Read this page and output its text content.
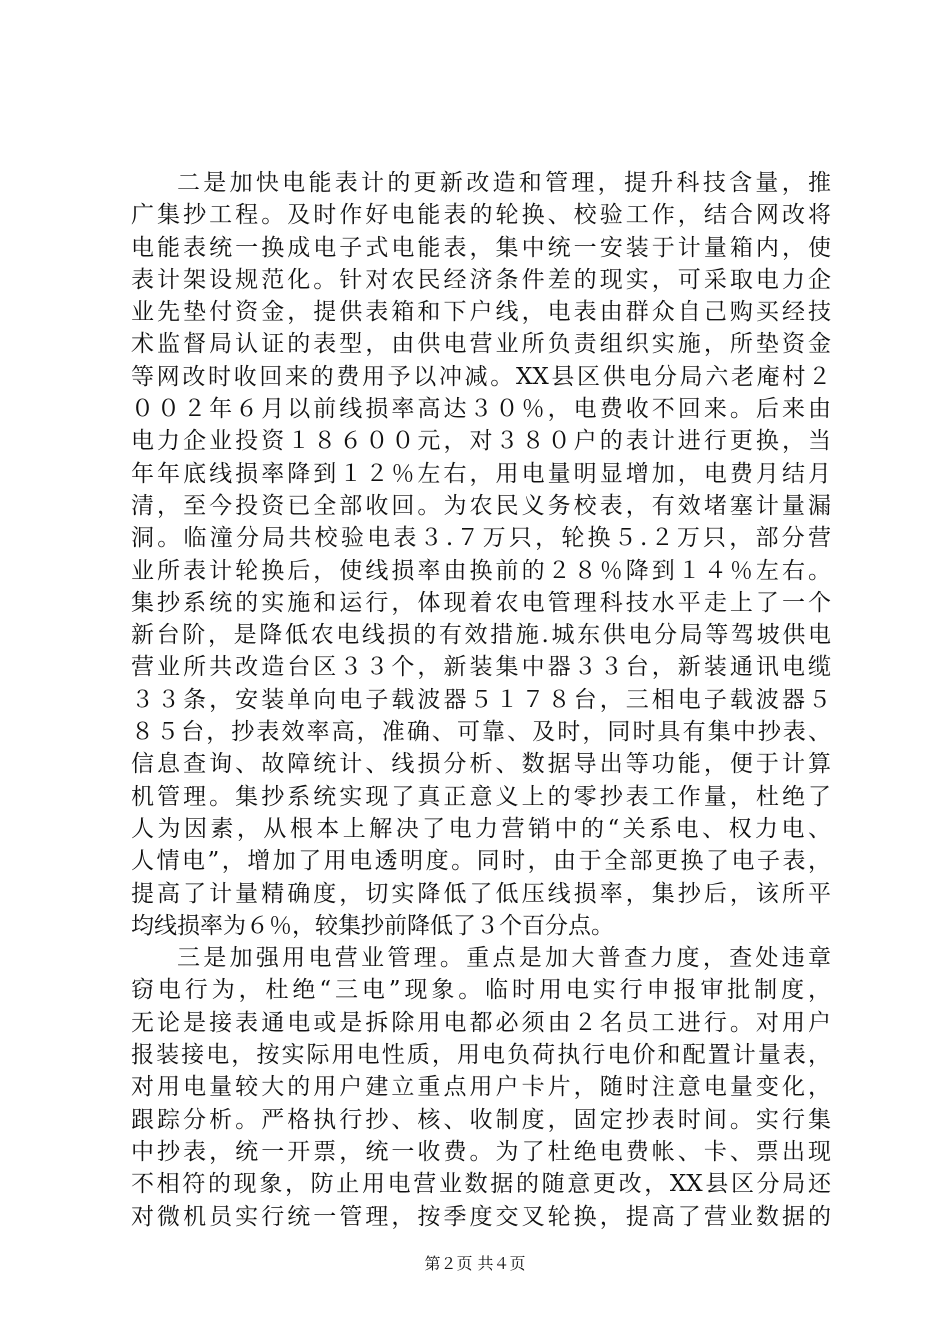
二是加快电能表计的更新改造和管理，提升科技含量，推
广集抄工程。及时作好电能表的轮换、校验工作，结合网改将
电能表统一换成电子式电能表，集中统一安装于计量箱内，使
表计架设规范化。针对农民经济条件差的现实，可采取电力企
业先垫付资金，提供表箱和下户线，电表由群众自己购买经技
术监督局认证的表型，由供电营业所负责组织实施，所垫资金
等网改时收回来的费用予以冲减。XX县区供电分局六老庵村２
００２年６月以前线损率高达３０％，电费收不回来。后来由
电力企业投资１８６００元，对３８０户的表计进行更换，当
年年底线损率降到１２％左右，用电量明显增加，电费月结月
清，至今投资已全部收回。为农民义务校表，有效堵塞计量漏
洞。临潼分局共校验电表３.７万只，轮换５.２万只，部分营
业所表计轮换后，使线损率由换前的２８％降到１４％左右。
集抄系统的实施和运行，体现着农电管理科技水平走上了一个
新台阶，是降低农电线损的有效措施.城东供电分局等驾坡供电
营业所共改造台区３３个，新装集中器３３台，新装通讯电缆
３３条，安装单向电子载波器５１７８台，三相电子载波器５
８５台，抄表效率高，准确、可靠、及时，同时具有集中抄表、
信息查询、故障统计、线损分析、数据导出等功能，便于计算
机管理。集抄系统实现了真正意义上的零抄表工作量，杜绝了
人为因素，从根本上解决了电力营销中的“关系电、权力电、
人情电”，增加了用电透明度。同时，由于全部更换了电子表，
提高了计量精确度，切实降低了低压线损率，集抄后，该所平
均线损率为６％，较集抄前降低了３个百分点。
三是加强用电营业管理。重点是加大普查力度，查处违章
窃电行为，杜绝“三电”现象。临时用电实行申报审批制度，
无论是接表通电或是拆除用电都必须由２名员工进行。对用户
报装接电，按实际用电性质，用电负荷执行电价和配置计量表，
对用电量较大的用户建立重点用户卡片，随时注意电量变化，
跟踪分析。严格执行抄、核、收制度，固定抄表时间。实行集
中抄表，统一开票，统一收费。为了杜绝电费帐、卡、票出现
不相符的现象，防止用电营业数据的随意更改，XX县区分局还
对微机员实行统一管理，按季度交叉轮换，提高了营业数据的
第２页 共４页
